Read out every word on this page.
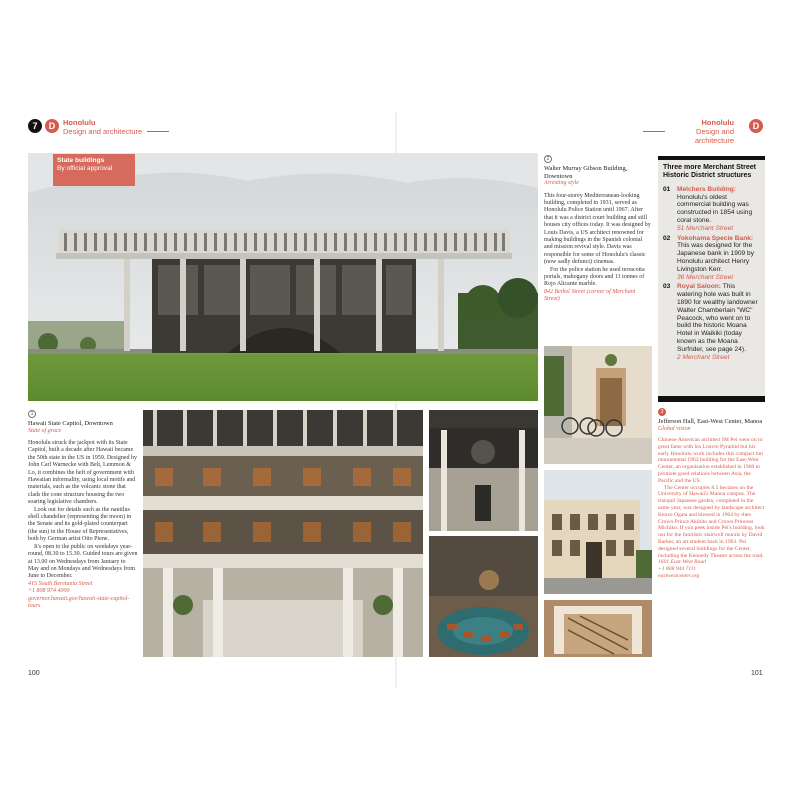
7	D	Honolulu
Design and architecture
Honolulu
Design and architecture
D
State buildings
By official approval
1
Hawaii State Capitol, Downtown
State of grace

Honolulu struck the jackpot with its State Capitol, built a decade after Hawaii became the 50th state in the US in 1959. Designed by John Carl Warnecke with Belt, Lemmon & Lo, it combines the heft of government with Hawaiian informality, using local motifs and materials, such as the volcanic stone that clads the cone structure housing the two soaring legislative chambers.

Look out for details such as the nautilus shell chandelier (representing the moon) in the Senate and its gold-plated counterpart (the sun) in the House of Representatives, both by German artist Otto Piene.

It's open to the public on weekdays year-round, 08.30 to 15.30. Guided tours are given at 13.00 on Wednesdays from January to May and on Mondays and Wednesdays from June to December.

415 South Beretania Street
+1 808 974 4000
governor.hawaii.gov/hawaii-state-capitol-tours
2
Walter Murray Gibson Building, Downtown
Arresting style

This four-storey Mediterranean-looking building, completed in 1931, served as Honolulu Police Station until 1967. After that it was a district court building and still houses city offices today. It was designed by Louis Davis, a US architect renowned for making buildings in the Spanish colonial and mission revival style. Davis was responsible for some of Honolulu's classic (now sadly defunct) cinemas.

For the police station he used terracotta portals, mahogany doors and 11 tonnes of Rojo Alicante marble.

842 Bethel Street (corner of Merchant Street)
Three more Merchant Street Historic District structures
01	Melchers Building: Honolulu's oldest commercial building was constructed in 1854 using coral stone.
51 Merchant Street
02	Yokohama Specie Bank: This was designed for the Japanese bank in 1909 by Honolulu architect Henry Livingston Kerr.
36 Merchant Street
03	Royal Saloon: This watering hole was built in 1890 for wealthy landowner Walter Chamberlain "WC" Peacock, who went on to build the historic Moana Hotel in Waikiki (today known as the Moana Surfrider, see page 24).
2 Merchant Street
3
Jefferson Hall, East-West Center, Manoa
Global vision

Chinese-American architect IM Pei went on to great fame with his Louvre Pyramid but his early Honolulu work includes this compact but monumental 1963 building for the East-West Center, an organisation established in 1960 to promote good relations between Asia, the Pacific and the US.

The Center occupies 8.5 hectares on the University of Hawaii's Manoa campus. The tranquil Japanese garden, completed in the same year, was designed by landscape architect Kenzo Ogata and blessed in 1964 by then Crown Prince Akihito and Crown Princess Michiko. If you peek inside Pei's building, look out for the futuristic stairwell murals by David Barker, an art student back in 1963. Pei designed several buildings for the Center, including the Kennedy Theater across the road.

1601 East-West Road
+1 808 944 7111
eastwestcenter.org
100	101
